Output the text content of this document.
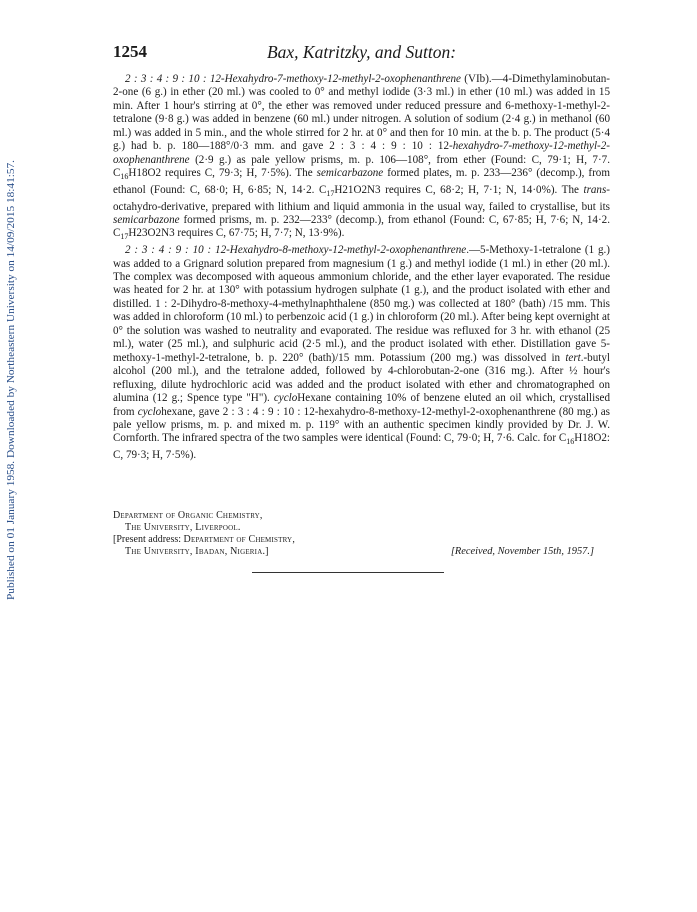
Published on 01 January 1958. Downloaded by Northeastern University on 14/09/2015 18:41:57.
1254	Bax, Katritzky, and Sutton:

2 : 3 : 4 : 9 : 10 : 12-Hexahydro-7-methoxy-12-methyl-2-oxophenanthrene (VIb).—4-Dimethylaminobutan-2-one (6 g.) in ether (20 ml.) was cooled to 0° and methyl iodide (3·3 ml.) in ether (10 ml.) was added in 15 min. After 1 hour's stirring at 0°, the ether was removed under reduced pressure and 6-methoxy-1-methyl-2-tetralone (9·8 g.) was added in benzene (60 ml.) under nitrogen. A solution of sodium (2·4 g.) in methanol (60 ml.) was added in 5 min., and the whole stirred for 2 hr. at 0° and then for 10 min. at the b. p. The product (5·4 g.) had b. p. 180—188°/0·3 mm. and gave 2 : 3 : 4 : 9 : 10 : 12-hexahydro-7-methoxy-12-methyl-2-oxophenanthrene (2·9 g.) as pale yellow prisms, m. p. 106—108°, from ether (Found: C, 79·1; H, 7·7. $C_{16}H18O2$ requires C, 79·3; H, 7·5%). The semicarbazone formed plates, m. p. 233—236° (decomp.), from ethanol (Found: C, 68·0; H, 6·85; N, 14·2. $C_{17}H21O2N3$ requires C, 68·2; H, 7·1; N, 14·0%). The trans-octahydro-derivative, prepared with lithium and liquid ammonia in the usual way, failed to crystallise, but its semicarbazone formed prisms, m. p. 232—233° (decomp.), from ethanol (Found: C, 67·85; H, 7·6; N, 14·2. $C_{17}H23O2N3$ requires C, 67·75; H, 7·7; N, 13·9%).

2 : 3 : 4 : 9 : 10 : 12-Hexahydro-8-methoxy-12-methyl-2-oxophenanthrene.—5-Methoxy-1-tetralone (1 g.) was added to a Grignard solution prepared from magnesium (1 g.) and methyl iodide (1 ml.) in ether (20 ml.). The complex was decomposed with aqueous ammonium chloride, and the ether layer evaporated. The residue was heated for 2 hr. at 130° with potassium hydrogen sulphate (1 g.), and the product isolated with ether and distilled. 1 : 2-Dihydro-8-methoxy-4-methylnaphthalene (850 mg.) was collected at 180° (bath) /15 mm. This was added in chloroform (10 ml.) to perbenzoic acid (1 g.) in chloroform (20 ml.). After being kept overnight at 0° the solution was washed to neutrality and evaporated. The residue was refluxed for 3 hr. with ethanol (25 ml.), water (25 ml.), and sulphuric acid (2·5 ml.), and the product isolated with ether. Distillation gave 5-methoxy-1-methyl-2-tetralone, b. p. 220° (bath)/15 mm. Potassium (200 mg.) was dissolved in tert.-butyl alcohol (200 ml.), and the tetralone added, followed by 4-chlorobutan-2-one (316 mg.). After ½ hour's refluxing, dilute hydrochloric acid was added and the product isolated with ether and chromatographed on alumina (12 g.; Spence type "H"). cycloHexane containing 10% of benzene eluted an oil which, crystallised from cyclohexane, gave 2 : 3 : 4 : 9 : 10 : 12-hexahydro-8-methoxy-12-methyl-2-oxophenanthrene (80 mg.) as pale yellow prisms, m. p. and mixed m. p. 119° with an authentic specimen kindly provided by Dr. J. W. Cornforth. The infrared spectra of the two samples were identical (Found: C, 79·0; H, 7·6. Calc. for $C_{16}H18O2$: C, 79·3; H, 7·5%).

Department of Organic Chemistry,
The University, Liverpool.
[Present address: Department of Chemistry,
The University, Ibadan, Nigeria.]	[Received, November 15th, 1957.]
